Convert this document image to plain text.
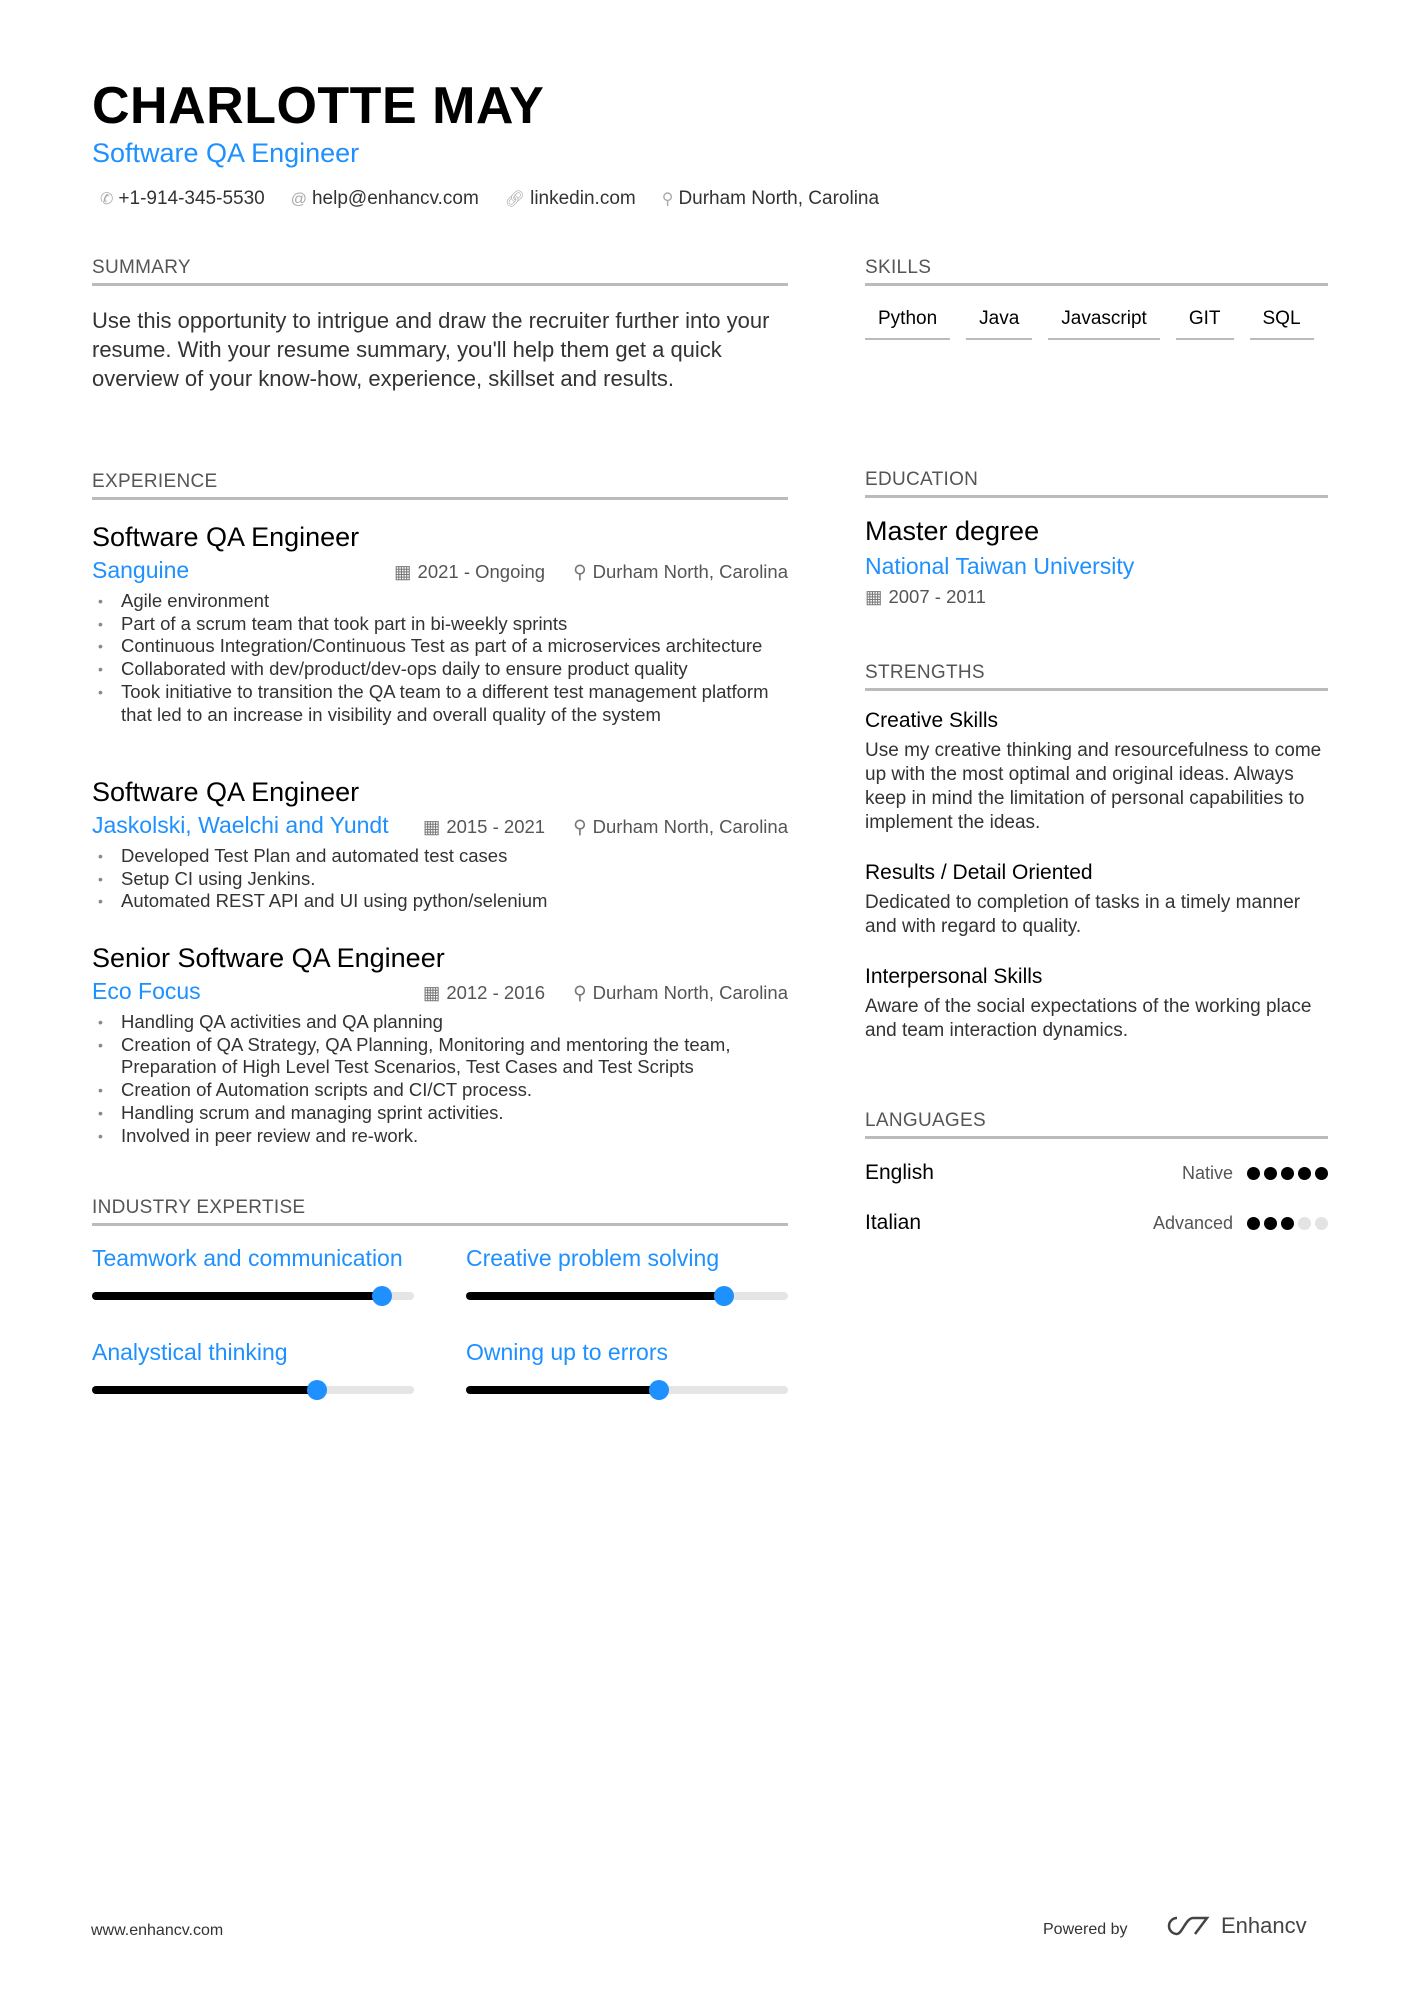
CHARLOTTE MAY
Software QA Engineer
✆ +1-914-345-5530 @ help@enhancv.com 🔗︎ linkedin.com ⚲ Durham North, Carolina
SUMMARY
Use this opportunity to intrigue and draw the recruiter further into your resume. With your resume summary, you'll help them get a quick overview of your know-how, experience, skillset and results.
EXPERIENCE
INDUSTRY EXPERTISE
SKILLS
Python	Java	Javascript	GIT	SQL
EDUCATION
Master degree
National Taiwan University
▦ 2007 - 2011
STRENGTHS
Creative Skills
Use my creative thinking and resourcefulness to come up with the most optimal and original ideas. Always keep in mind the limitation of personal capabilities to implement the ideas.
Results / Detail Oriented
Dedicated to completion of tasks in a timely manner and with regard to quality.
Interpersonal Skills
Aware of the social expectations of the working place and team interaction dynamics.
LANGUAGES
English	Native
Italian	Advanced
www.enhancv.com	Powered by	Enhancv
Software QA Engineer
Sanguine	▦ 2021 - Ongoing ⚲ Durham North, Carolina
• Agile environment
• Part of a scrum team that took part in bi-weekly sprints
• Continuous Integration/Continuous Test as part of a microservices architecture
• Collaborated with dev/product/dev-ops daily to ensure product quality
• Took initiative to transition the QA team to a different test management platform that led to an increase in visibility and overall quality of the system
Software QA Engineer
Jaskolski, Waelchi and Yundt ▦ 2015 - 2021 ⚲ Durham North, Carolina
• Developed Test Plan and automated test cases
• Setup CI using Jenkins.
• Automated REST API and UI using python/selenium
Senior Software QA Engineer
Eco Focus	▦ 2012 - 2016 ⚲ Durham North, Carolina
• Handling QA activities and QA planning
• Creation of QA Strategy, QA Planning, Monitoring and mentoring the team, Preparation of High Level Test Scenarios, Test Cases and Test Scripts
• Creation of Automation scripts and CI/CT process.
• Handling scrum and managing sprint activities.
• Involved in peer review and re-work.
Teamwork and communication	Creative problem solving
Analystical thinking	Owning up to errors
